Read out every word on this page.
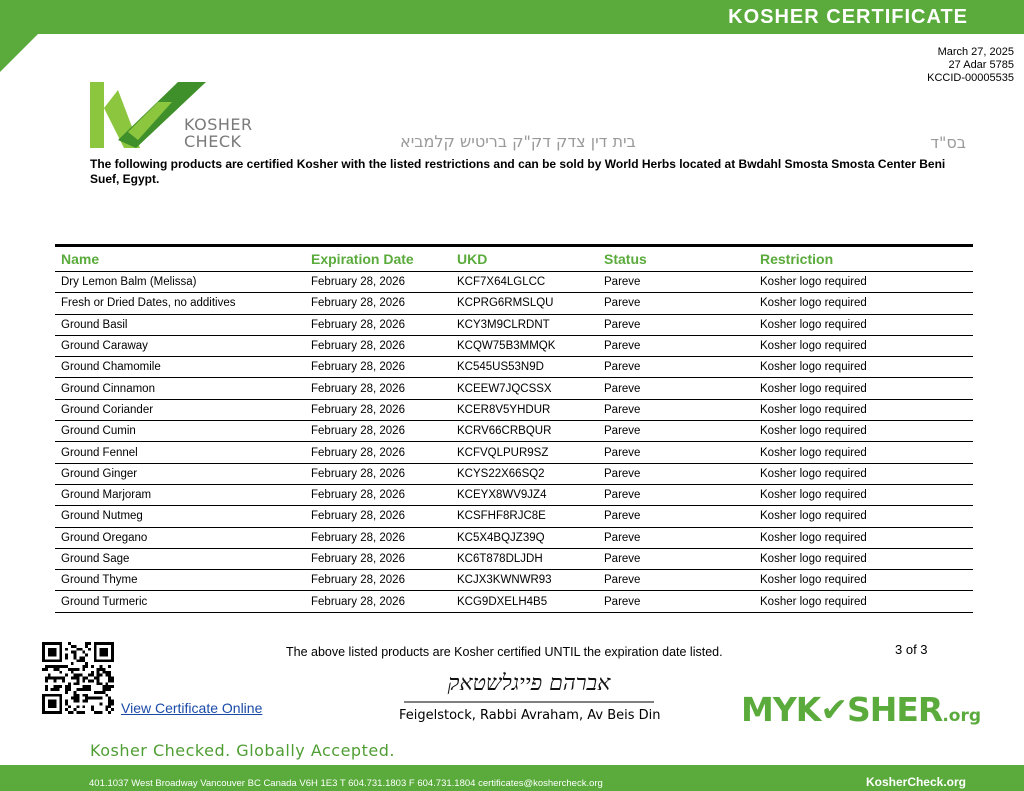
KOSHER CERTIFICATE
March 27, 2025
27 Adar 5785
KCCID-00005535
KOSHER
CHECK	בית דין צדק דק"ק בריטיש קלמביא	בס"ד
The following products are certified Kosher with the listed restrictions and can be sold by World Herbs located at Bwdahl Smosta Smosta Center Beni Suef, Egypt.
Name	Expiration Date	UKD	Status	Restriction
Dry Lemon Balm (Melissa)	February 28, 2026	KCF7X64LGLCC	Pareve	Kosher logo required
Fresh or Dried Dates, no additives	February 28, 2026	KCPRG6RMSLQU	Pareve	Kosher logo required
Ground Basil	February 28, 2026	KCY3M9CLRDNT	Pareve	Kosher logo required
Ground Caraway	February 28, 2026	KCQW75B3MMQK	Pareve	Kosher logo required
Ground Chamomile	February 28, 2026	KC545US53N9D	Pareve	Kosher logo required
Ground Cinnamon	February 28, 2026	KCEEW7JQCSSX	Pareve	Kosher logo required
Ground Coriander	February 28, 2026	KCER8V5YHDUR	Pareve	Kosher logo required
Ground Cumin	February 28, 2026	KCRV66CRBQUR	Pareve	Kosher logo required
Ground Fennel	February 28, 2026	KCFVQLPUR9SZ	Pareve	Kosher logo required
Ground Ginger	February 28, 2026	KCYS22X66SQ2	Pareve	Kosher logo required
Ground Marjoram	February 28, 2026	KCEYX8WV9JZ4	Pareve	Kosher logo required
Ground Nutmeg	February 28, 2026	KCSFHF8RJC8E	Pareve	Kosher logo required
Ground Oregano	February 28, 2026	KC5X4BQJZ39Q	Pareve	Kosher logo required
Ground Sage	February 28, 2026	KC6T878DLJDH	Pareve	Kosher logo required
Ground Thyme	February 28, 2026	KCJX3KWNWR93	Pareve	Kosher logo required
Ground Turmeric	February 28, 2026	KCG9DXELH4B5	Pareve	Kosher logo required
View Certificate Online
The above listed products are Kosher certified UNTIL the expiration date listed.	3 of 3
אברהם פייגלשטאק
Feigelstock, Rabbi Avraham, Av Beis Din MYK✔SHER.org
Kosher Checked. Globally Accepted.
401.1037 West Broadway Vancouver BC Canada V6H 1E3 T 604.731.1803 F 604.731.1804 certificates@koshercheck.org	KosherCheck.org
